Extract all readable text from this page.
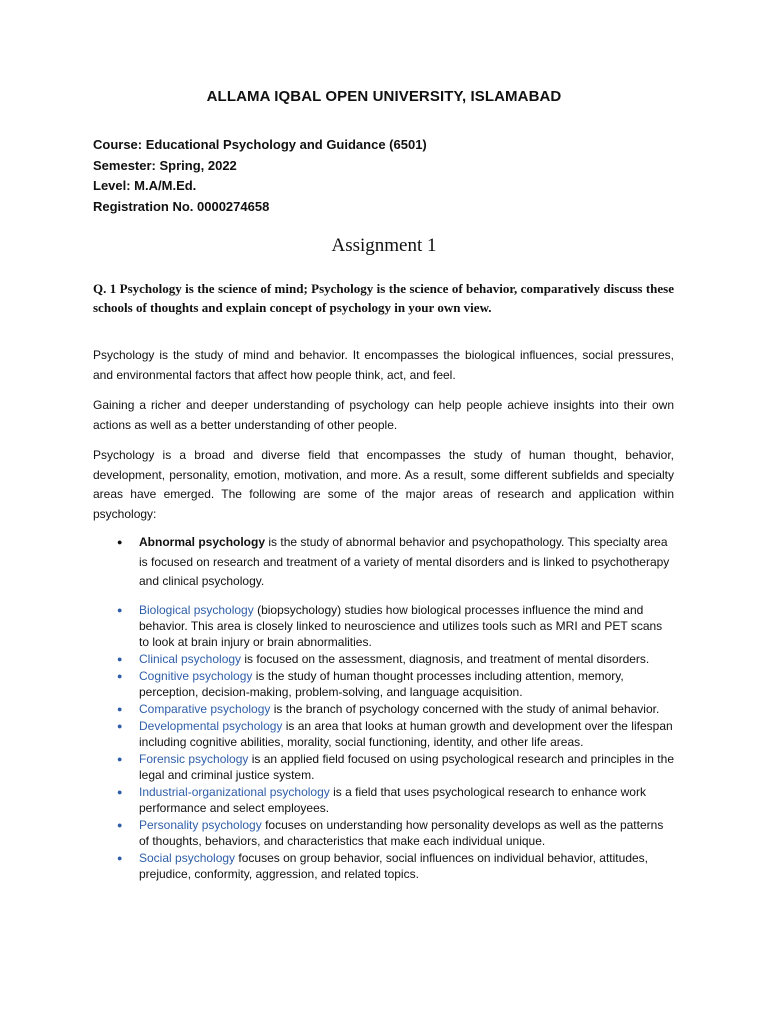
ALLAMA IQBAL OPEN UNIVERSITY, ISLAMABAD
Course: Educational Psychology and Guidance (6501)
Semester: Spring, 2022
Level: M.A/M.Ed.
Registration No. 0000274658
Assignment 1
Q. 1 Psychology is the science of mind; Psychology is the science of behavior, comparatively discuss these schools of thoughts and explain concept of psychology in your own view.

Psychology is the study of mind and behavior. It encompasses the biological influences, social pressures, and environmental factors that affect how people think, act, and feel.

Gaining a richer and deeper understanding of psychology can help people achieve insights into their own actions as well as a better understanding of other people.

Psychology is a broad and diverse field that encompasses the study of human thought, behavior, development, personality, emotion, motivation, and more. As a result, some different subfields and specialty areas have emerged. The following are some of the major areas of research and application within psychology:

● Abnormal psychology is the study of abnormal behavior and psychopathology. This specialty area is focused on research and treatment of a variety of mental disorders and is linked to psychotherapy and clinical psychology.
● Biological psychology (biopsychology) studies how biological processes influence the mind and behavior. This area is closely linked to neuroscience and utilizes tools such as MRI and PET scans to look at brain injury or brain abnormalities.
● Clinical psychology is focused on the assessment, diagnosis, and treatment of mental disorders.
● Cognitive psychology is the study of human thought processes including attention, memory, perception, decision-making, problem-solving, and language acquisition.
● Comparative psychology is the branch of psychology concerned with the study of animal behavior.
● Developmental psychology is an area that looks at human growth and development over the lifespan including cognitive abilities, morality, social functioning, identity, and other life areas.
● Forensic psychology is an applied field focused on using psychological research and principles in the legal and criminal justice system.
● Industrial-organizational psychology is a field that uses psychological research to enhance work performance and select employees.
● Personality psychology focuses on understanding how personality develops as well as the patterns of thoughts, behaviors, and characteristics that make each individual unique.
● Social psychology focuses on group behavior, social influences on individual behavior, attitudes, prejudice, conformity, aggression, and related topics.
